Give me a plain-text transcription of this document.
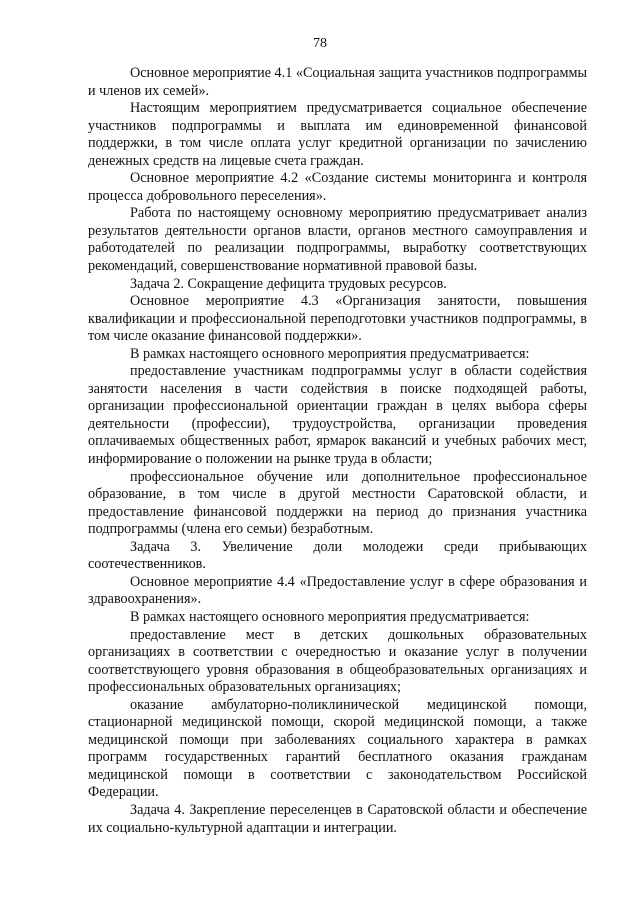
78

Основное мероприятие 4.1 «Социальная защита участников подпрограммы и членов их семей».

Настоящим мероприятием предусматривается социальное обеспечение участников подпрограммы и выплата им единовременной финансовой поддержки, в том числе оплата услуг кредитной организации по зачислению денежных средств на лицевые счета граждан.

Основное мероприятие 4.2 «Создание системы мониторинга и контроля процесса добровольного переселения».

Работа по настоящему основному мероприятию предусматривает анализ результатов деятельности органов власти, органов местного самоуправления и работодателей по реализации подпрограммы, выработку соответствующих рекомендаций, совершенствование нормативной правовой базы.

Задача 2. Сокращение дефицита трудовых ресурсов.

Основное мероприятие 4.3 «Организация занятости, повышения квалификации и профессиональной переподготовки участников подпрограммы, в том числе оказание финансовой поддержки».

В рамках настоящего основного мероприятия предусматривается:

предоставление участникам подпрограммы услуг в области содействия занятости населения в части содействия в поиске подходящей работы, организации профессиональной ориентации граждан в целях выбора сферы деятельности (профессии), трудоустройства, организации проведения оплачиваемых общественных работ, ярмарок вакансий и учебных рабочих мест, информирование о положении на рынке труда в области;

профессиональное обучение или дополнительное профессиональное образование, в том числе в другой местности Саратовской области, и предоставление финансовой поддержки на период до признания участника подпрограммы (члена его семьи) безработным.

Задача 3. Увеличение доли молодежи среди прибывающих соотечественников.

Основное мероприятие 4.4 «Предоставление услуг в сфере образования и здравоохранения».

В рамках настоящего основного мероприятия предусматривается:

предоставление мест в детских дошкольных образовательных организациях в соответствии с очередностью и оказание услуг в получении соответствующего уровня образования в общеобразовательных организациях и профессиональных образовательных организациях;

оказание амбулаторно-поликлинической медицинской помощи, стационарной медицинской помощи, скорой медицинской помощи, а также медицинской помощи при заболеваниях социального характера в рамках программ государственных гарантий бесплатного оказания гражданам медицинской помощи в соответствии с законодательством Российской Федерации.

Задача 4. Закрепление переселенцев в Саратовской области и обеспечение их социально-культурной адаптации и интеграции.
